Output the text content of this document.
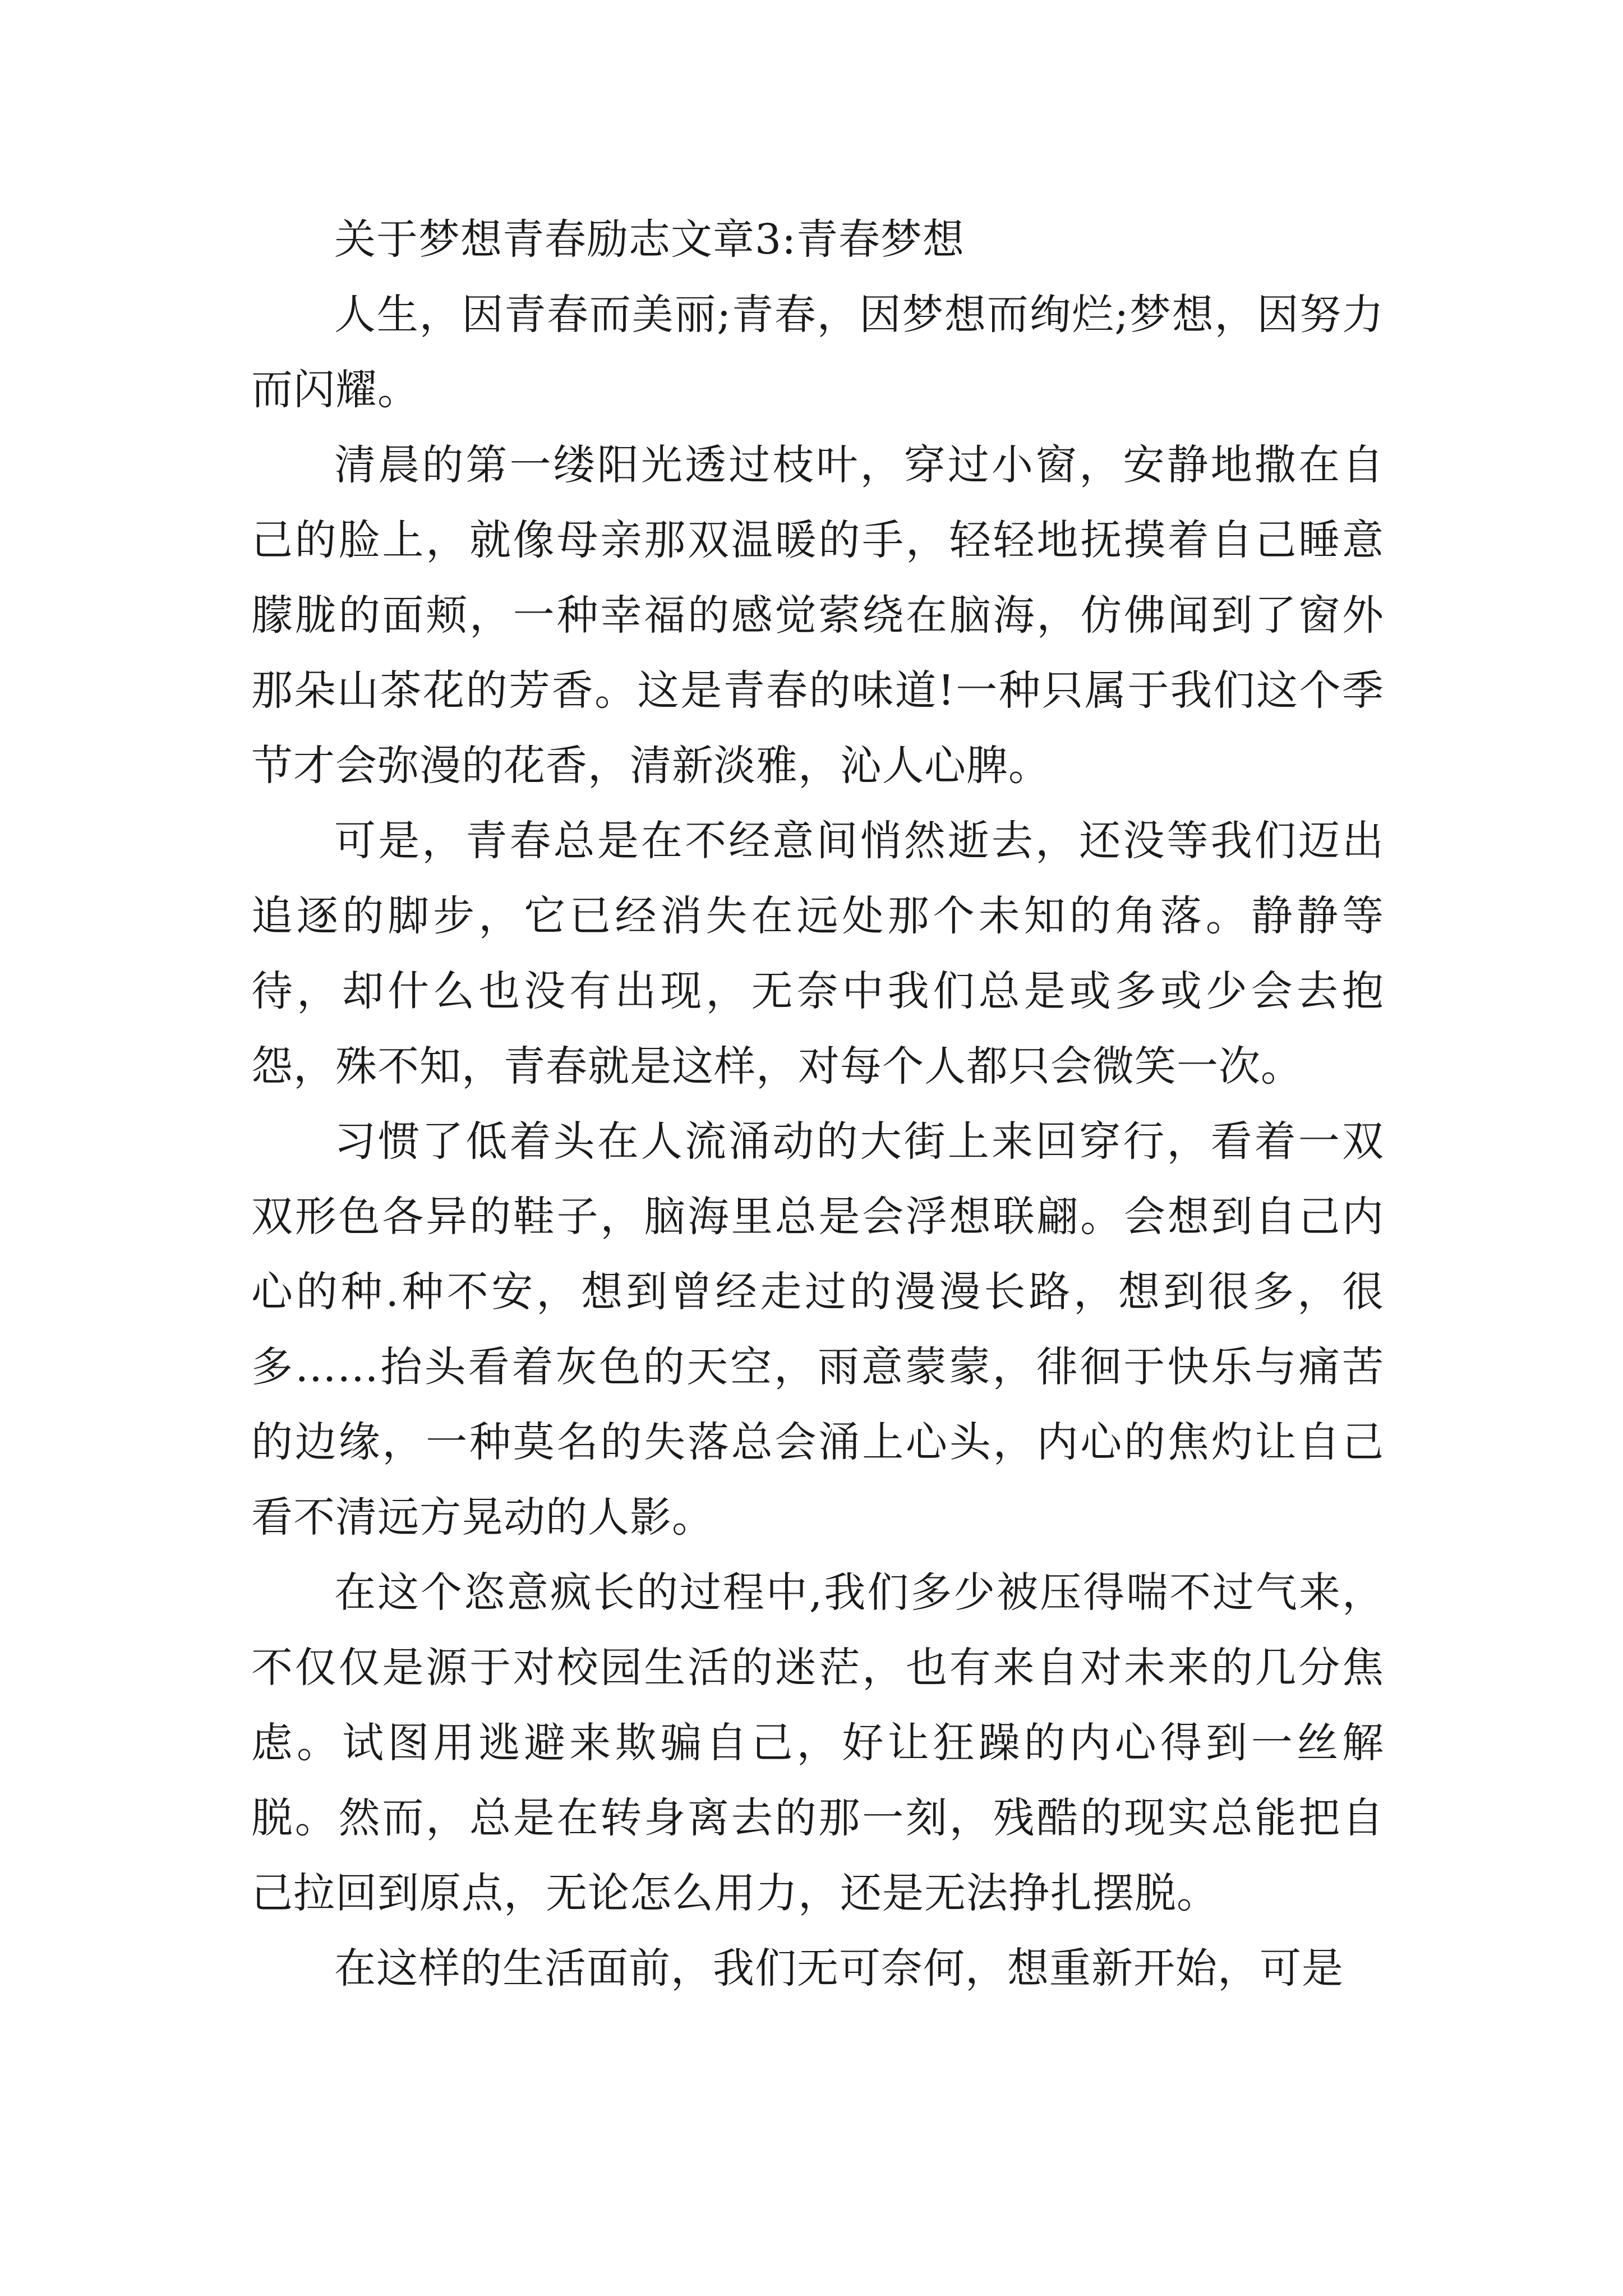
关于梦想青春励志文章3:青春梦想

人生，因青春而美丽;青春，因梦想而绚烂;梦想，因努力而闪耀。

清晨的第一缕阳光透过枝叶，穿过小窗，安静地撒在自己的脸上，就像母亲那双温暖的手，轻轻地抚摸着自己睡意朦胧的面颊，一种幸福的感觉萦绕在脑海，仿佛闻到了窗外那朵山茶花的芳香。这是青春的味道!一种只属于我们这个季节才会弥漫的花香，清新淡雅，沁人心脾。

可是，青春总是在不经意间悄然逝去，还没等我们迈出追逐的脚步，它已经消失在远处那个未知的角落。静静等待，却什么也没有出现，无奈中我们总是或多或少会去抱怨，殊不知，青春就是这样，对每个人都只会微笑一次。

习惯了低着头在人流涌动的大街上来回穿行，看着一双双形色各异的鞋子，脑海里总是会浮想联翩。会想到自己内心的种.种不安，想到曾经走过的漫漫长路，想到很多，很多……抬头看着灰色的天空，雨意蒙蒙，徘徊于快乐与痛苦的边缘，一种莫名的失落总会涌上心头，内心的焦灼让自己看不清远方晃动的人影。

在这个恣意疯长的过程中,我们多少被压得喘不过气来，不仅仅是源于对校园生活的迷茫，也有来自对未来的几分焦虑。试图用逃避来欺骗自己，好让狂躁的内心得到一丝解脱。然而，总是在转身离去的那一刻，残酷的现实总能把自己拉回到原点，无论怎么用力，还是无法挣扎摆脱。

在这样的生活面前，我们无可奈何，想重新开始，可是
